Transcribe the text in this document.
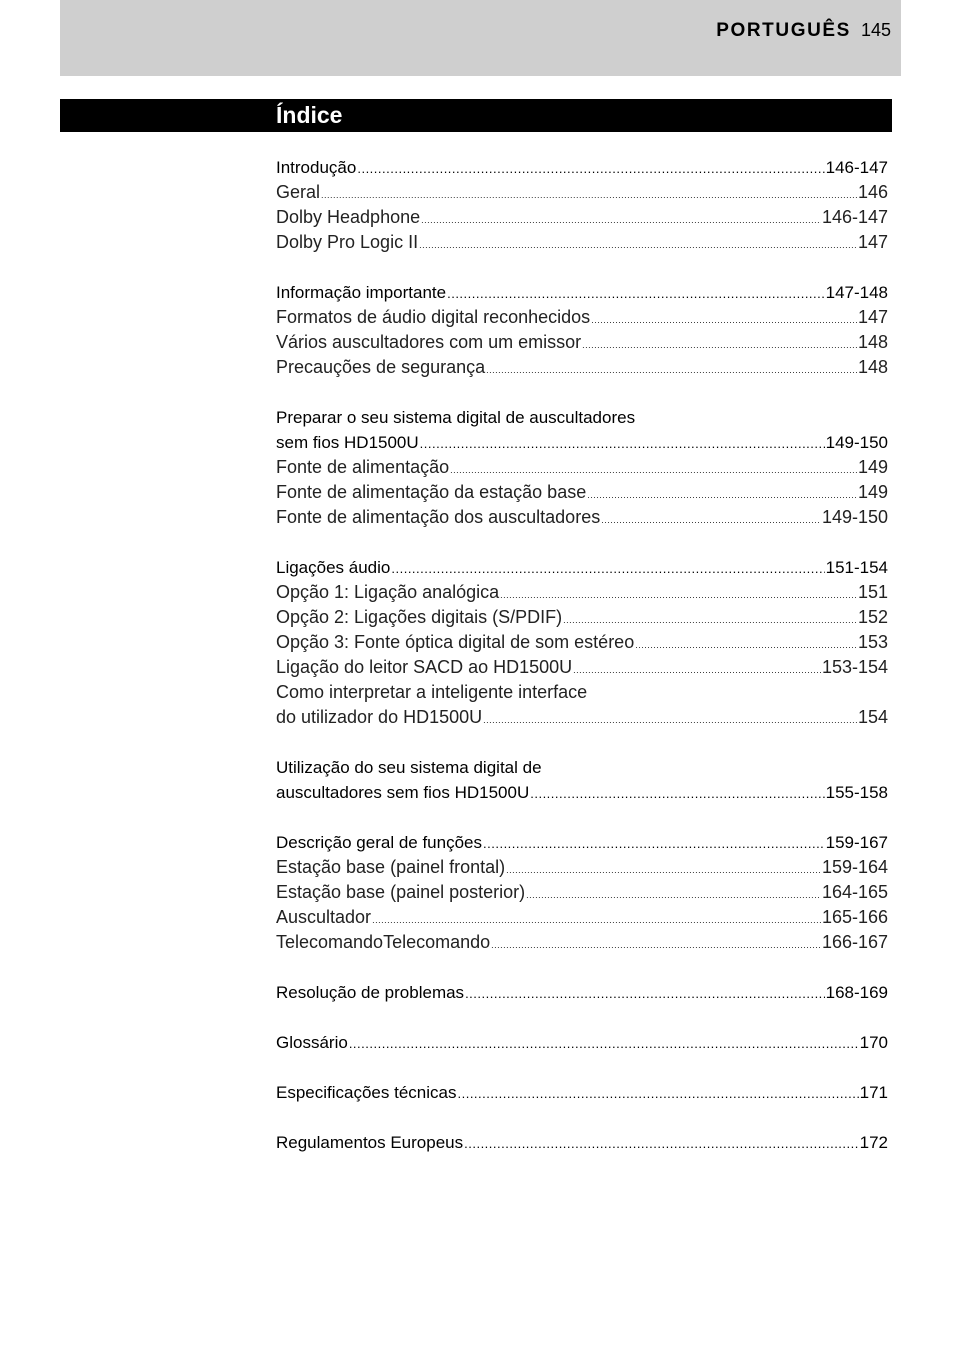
PORTUGUÊS 145
Índice
Introdução .....	146-147
Geral .....	146
Dolby Headphone .....	146-147
Dolby Pro Logic II .....	147
Informação importante .....	147-148
Formatos de áudio digital reconhecidos .....	147
Vários auscultadores com um emissor .....	148
Precauções de segurança .....	148
Preparar o seu sistema digital de auscultadores
sem fios HD1500U .....	149-150
Fonte de alimentação .....	149
Fonte de alimentação da estação base .....	149
Fonte de alimentação dos auscultadores .....	149-150
Ligações áudio .....	151-154
Opção 1: Ligação analógica .....	151
Opção 2: Ligações digitais (S/PDIF) .....	152
Opção 3: Fonte óptica digital de som estéreo .....	153
Ligação do leitor SACD ao HD1500U .....	153-154
Como interpretar a inteligente interface
do utilizador do HD1500U .....	154
Utilização do seu sistema digital de
auscultadores sem fios HD1500U .....	155-158
Descrição geral de funções .....	159-167
Estação base (painel frontal) .....	159-164
Estação base (painel posterior) .....	164-165
Auscultador .....	165-166
TelecomandoTelecomando .....	166-167
Resolução de problemas .....	168-169
Glossário .....	170
Especificações técnicas .....	171
Regulamentos Europeus .....	172
